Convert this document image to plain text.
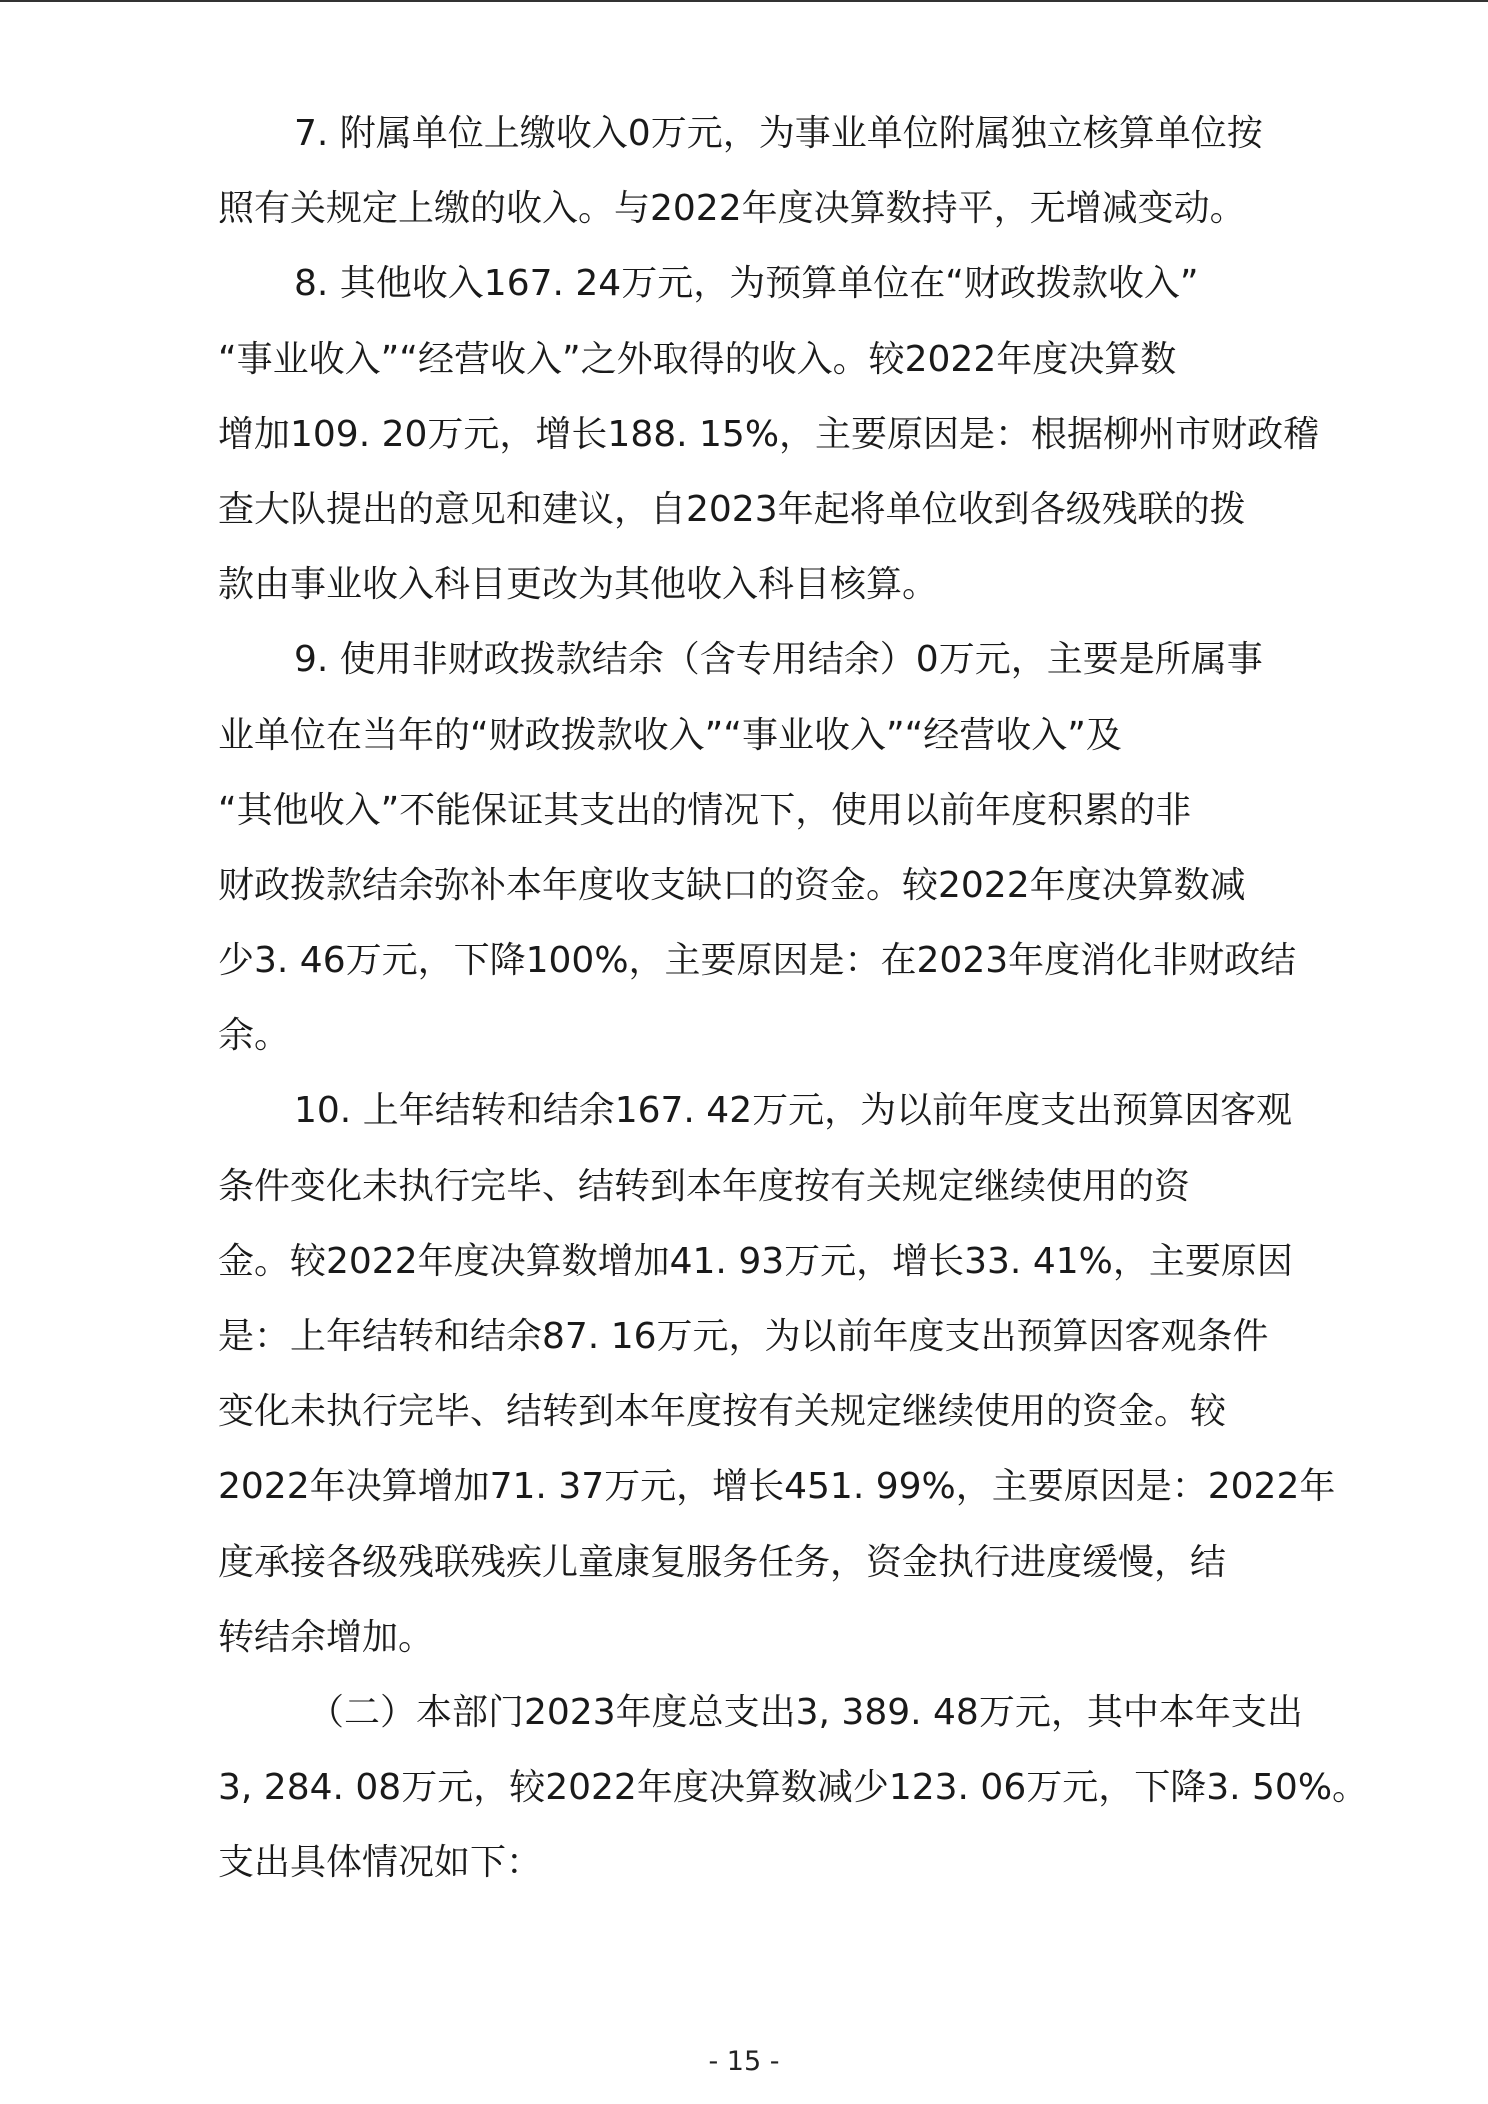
7. 附属单位上缴收入0万元，为事业单位附属独立核算单位按
照有关规定上缴的收入。与2022年度决算数持平，无增减变动。
8. 其他收入167. 24万元，为预算单位在“财政拨款收入”
“事业收入”“经营收入”之外取得的收入。较2022年度决算数
增加109. 20万元，增长188. 15%，主要原因是：根据柳州市财政稽
查大队提出的意见和建议，自2023年起将单位收到各级残联的拨
款由事业收入科目更改为其他收入科目核算。
9. 使用非财政拨款结余（含专用结余）0万元，主要是所属事
业单位在当年的“财政拨款收入”“事业收入”“经营收入”及
“其他收入”不能保证其支出的情况下，使用以前年度积累的非
财政拨款结余弥补本年度收支缺口的资金。较2022年度决算数减
少3. 46万元，下降100%，主要原因是：在2023年度消化非财政结
余。
10. 上年结转和结余167. 42万元，为以前年度支出预算因客观
条件变化未执行完毕、结转到本年度按有关规定继续使用的资
金。较2022年度决算数增加41. 93万元，增长33. 41%，主要原因
是：上年结转和结余87. 16万元，为以前年度支出预算因客观条件
变化未执行完毕、结转到本年度按有关规定继续使用的资金。较
2022年决算增加71. 37万元，增长451. 99%，主要原因是：2022年
度承接各级残联残疾儿童康复服务任务，资金执行进度缓慢，结
转结余增加。
（二）本部门2023年度总支出3, 389. 48万元，其中本年支出
3, 284. 08万元，较2022年度决算数减少123. 06万元，下降3. 50%。
支出具体情况如下：
- 15 -
